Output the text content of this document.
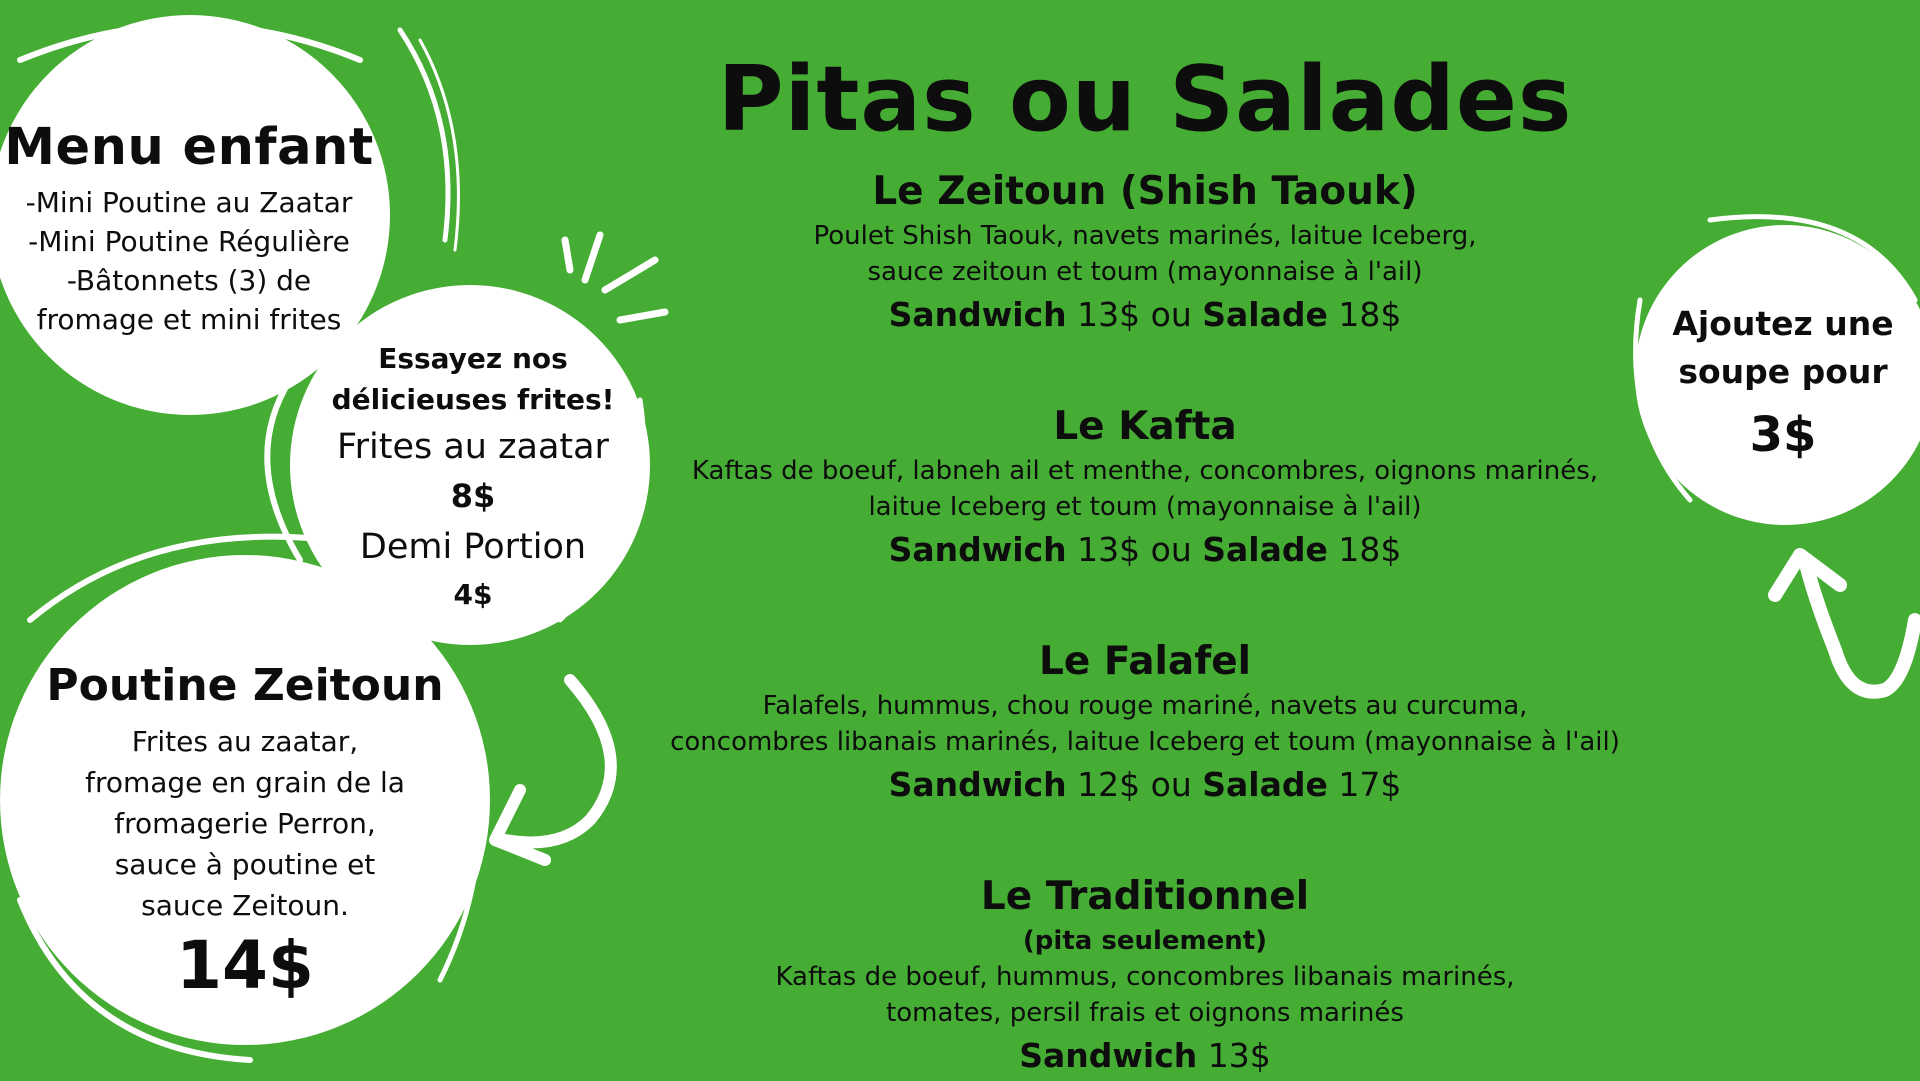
Menu enfant
-Mini Poutine au Zaatar
-Mini Poutine Régulière
-Bâtonnets (3) de
fromage et mini frites
Essayez nos
délicieuses frites!
Frites au zaatar
8$
Demi Portion
4$
Poutine Zeitoun
Frites au zaatar,
fromage en grain de la
fromagerie Perron,
sauce à poutine et
sauce Zeitoun.
14$
Ajoutez une
soupe pour
3$
Pitas ou Salades
Le Zeitoun (Shish Taouk)
Poulet Shish Taouk, navets marinés, laitue Iceberg,
sauce zeitoun et toum (mayonnaise à l'ail)
Sandwich 13$ ou Salade 18$
Le Kafta
Kaftas de boeuf, labneh ail et menthe, concombres, oignons marinés,
laitue Iceberg et toum (mayonnaise à l'ail)
Sandwich 13$ ou Salade 18$
Le Falafel
Falafels, hummus, chou rouge mariné, navets au curcuma,
concombres libanais marinés, laitue Iceberg et toum (mayonnaise à l'ail)
Sandwich 12$ ou Salade 17$
Le Traditionnel
(pita seulement)
Kaftas de boeuf, hummus, concombres libanais marinés,
tomates, persil frais et oignons marinés
Sandwich 13$
